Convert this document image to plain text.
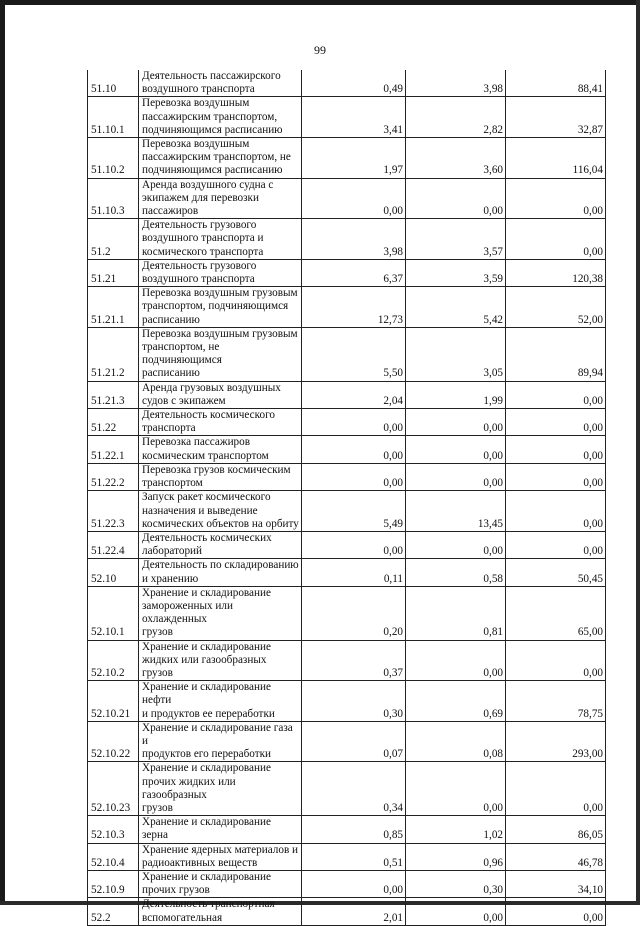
99
51.10	Деятельность пассажирского
воздушного транспорта	0,49	3,98	88,41
51.10.1	Перевозка воздушным
пассажирским транспортом,
подчиняющимся расписанию	3,41	2,82	32,87
51.10.2	Перевозка воздушным
пассажирским транспортом, не
подчиняющимся расписанию	1,97	3,60	116,04
51.10.3	Аренда воздушного судна с
экипажем для перевозки
пассажиров	0,00	0,00	0,00
51.2	Деятельность грузового
воздушного транспорта и
космического транспорта	3,98	3,57	0,00
51.21	Деятельность грузового
воздушного транспорта	6,37	3,59	120,38
51.21.1	Перевозка воздушным грузовым
транспортом, подчиняющимся
расписанию	12,73	5,42	52,00
51.21.2	Перевозка воздушным грузовым
транспортом, не подчиняющимся
расписанию	5,50	3,05	89,94
51.21.3	Аренда грузовых воздушных
судов с экипажем	2,04	1,99	0,00
51.22	Деятельность космического
транспорта	0,00	0,00	0,00
51.22.1	Перевозка пассажиров
космическим транспортом	0,00	0,00	0,00
51.22.2	Перевозка грузов космическим
транспортом	0,00	0,00	0,00
51.22.3	Запуск ракет космического
назначения и выведение
космических объектов на орбиту	5,49	13,45	0,00
51.22.4	Деятельность космических
лабораторий	0,00	0,00	0,00
52.10	Деятельность по складированию
и хранению	0,11	0,58	50,45
52.10.1	Хранение и складирование
замороженных или охлажденных
грузов	0,20	0,81	65,00
52.10.2	Хранение и складирование
жидких или газообразных грузов	0,37	0,00	0,00
52.10.21	Хранение и складирование нефти
и продуктов ее переработки	0,30	0,69	78,75
52.10.22	Хранение и складирование газа и
продуктов его переработки	0,07	0,08	293,00
52.10.23	Хранение и складирование
прочих жидких или газообразных
грузов	0,34	0,00	0,00
52.10.3	Хранение и складирование зерна	0,85	1,02	86,05
52.10.4	Хранение ядерных материалов и
радиоактивных веществ	0,51	0,96	46,78
52.10.9	Хранение и складирование
прочих грузов	0,00	0,30	34,10
52.2	Деятельность транспортная
вспомогательная	2,01	0,00	0,00
